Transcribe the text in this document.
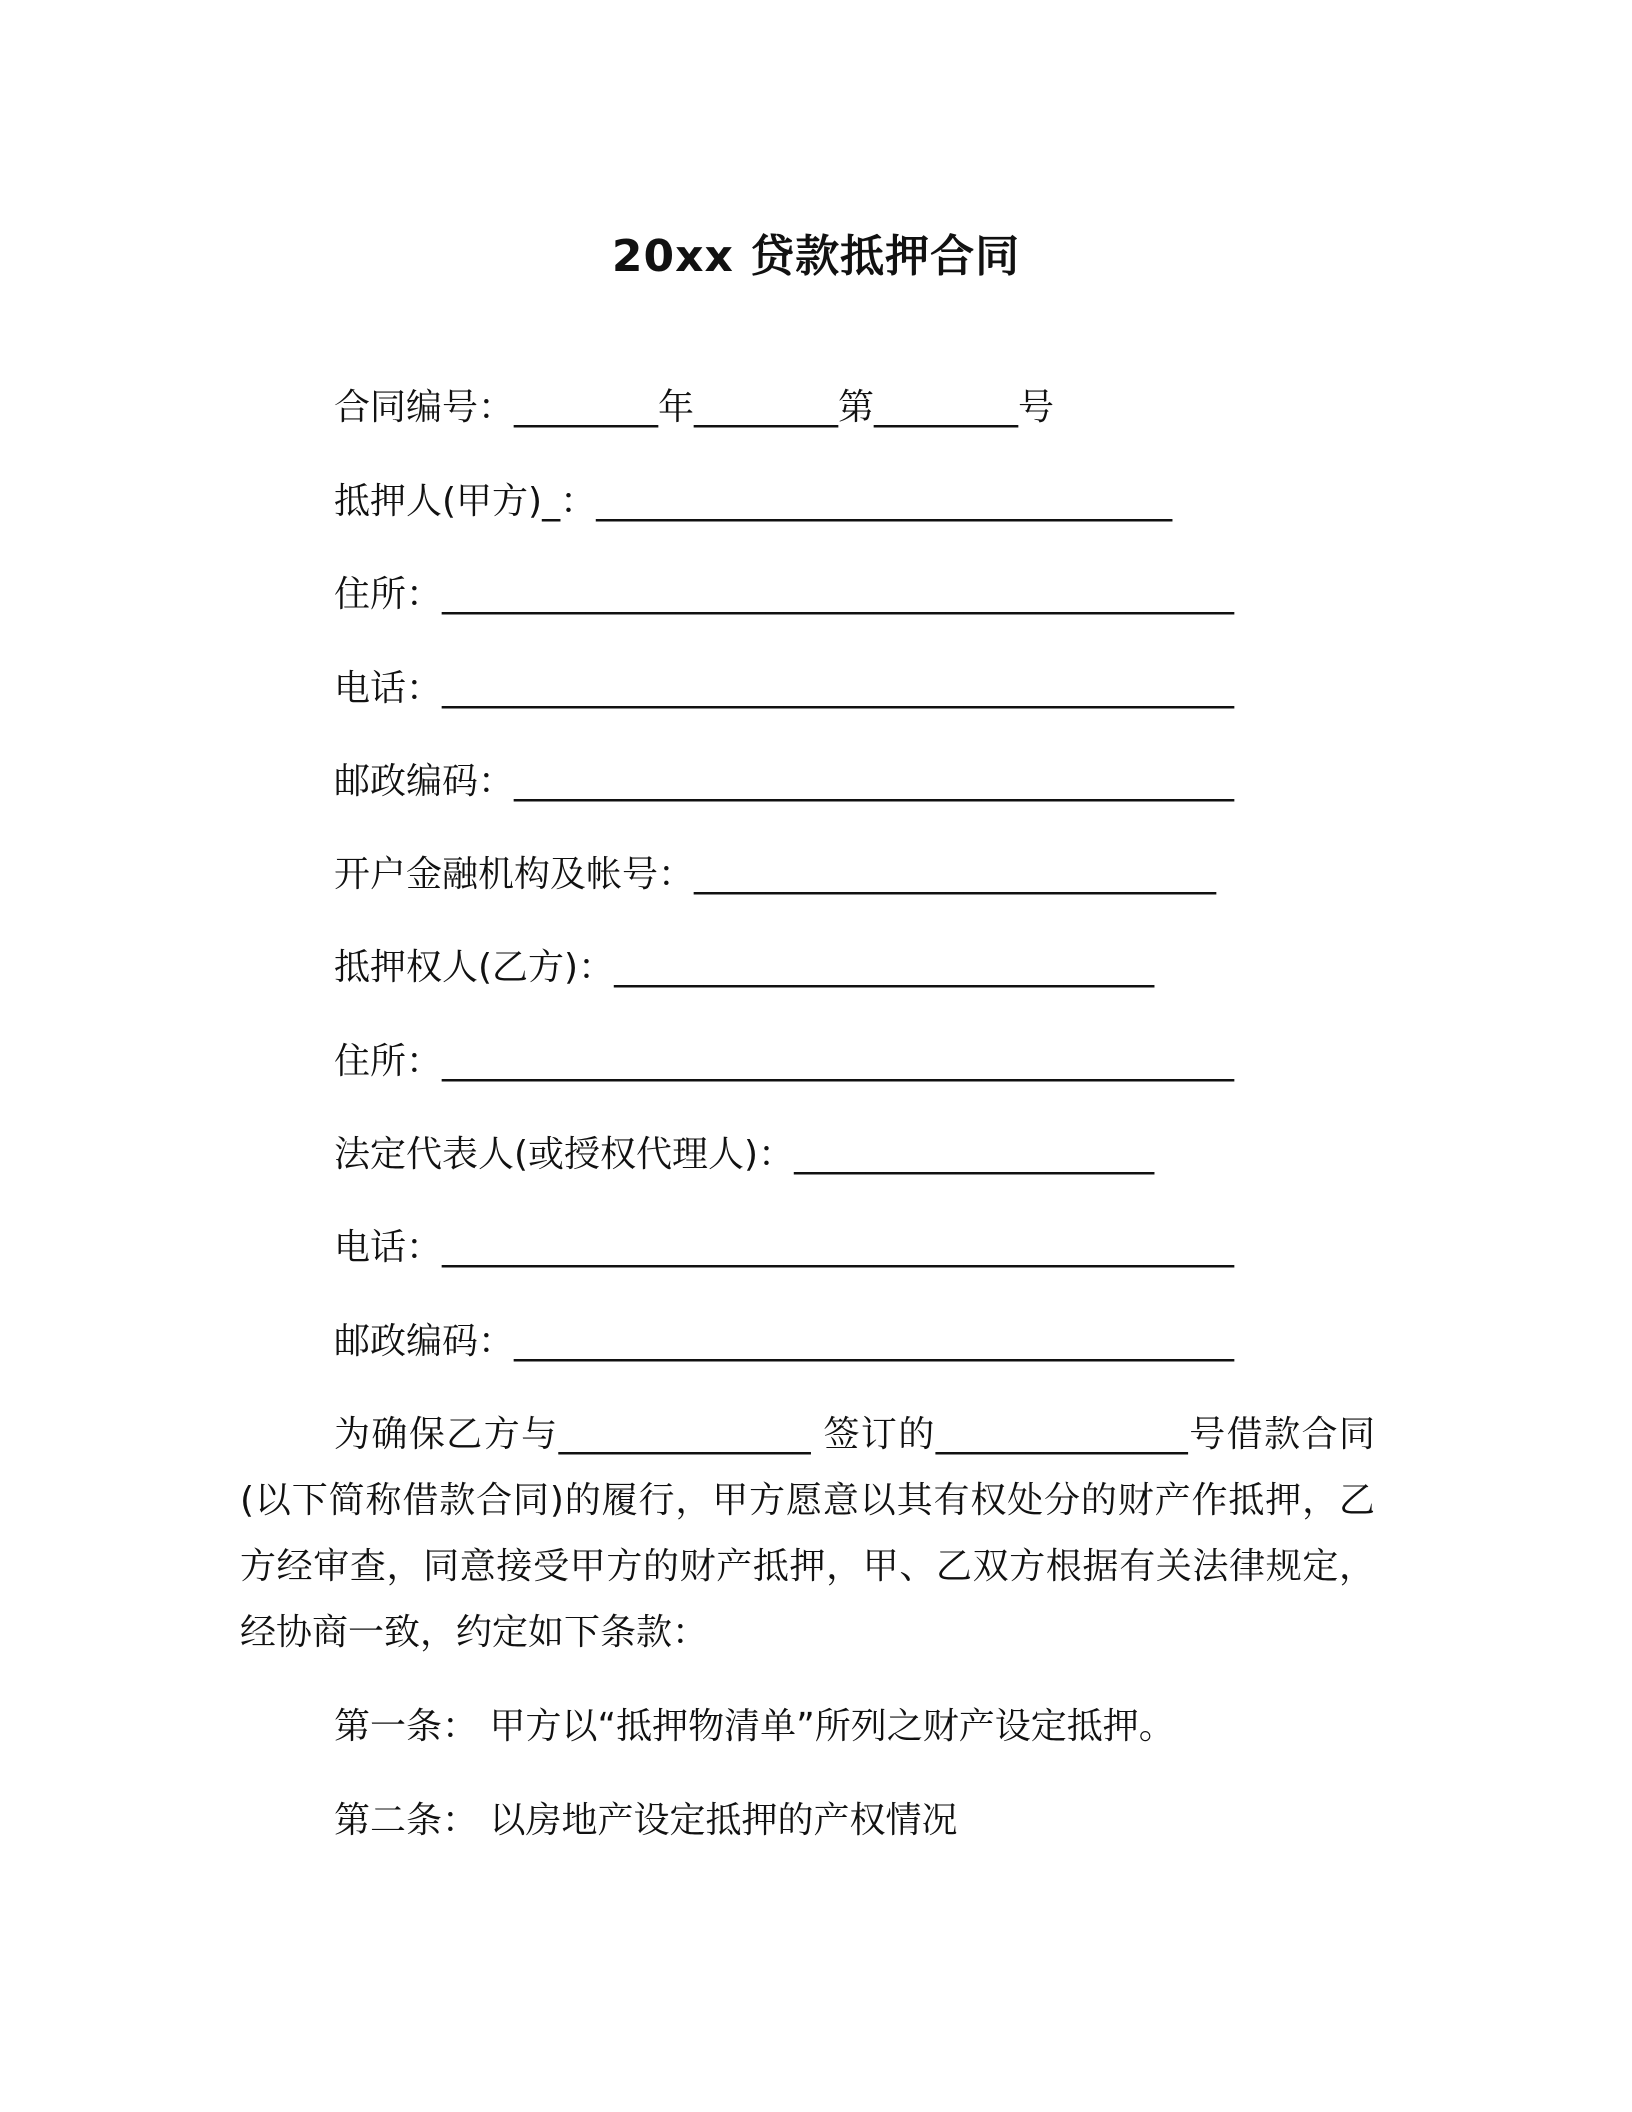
20xx 贷款抵押合同
合同编号：________年________第________号
抵押人(甲方)_：________________________________
住所：____________________________________________
电话：____________________________________________
邮政编码：________________________________________
开户金融机构及帐号：_____________________________
抵押权人(乙方)：______________________________
住所：____________________________________________
法定代表人(或授权代理人)：____________________
电话：____________________________________________
邮政编码：________________________________________
为确保乙方与______________ 签订的______________号借款合同(以下简称借款合同)的履行，甲方愿意以其有权处分的财产作抵押，乙方经审查，同意接受甲方的财产抵押，甲、乙双方根据有关法律规定，经协商一致，约定如下条款：
第一条： 甲方以“抵押物清单”所列之财产设定抵押。
第二条： 以房地产设定抵押的产权情况
